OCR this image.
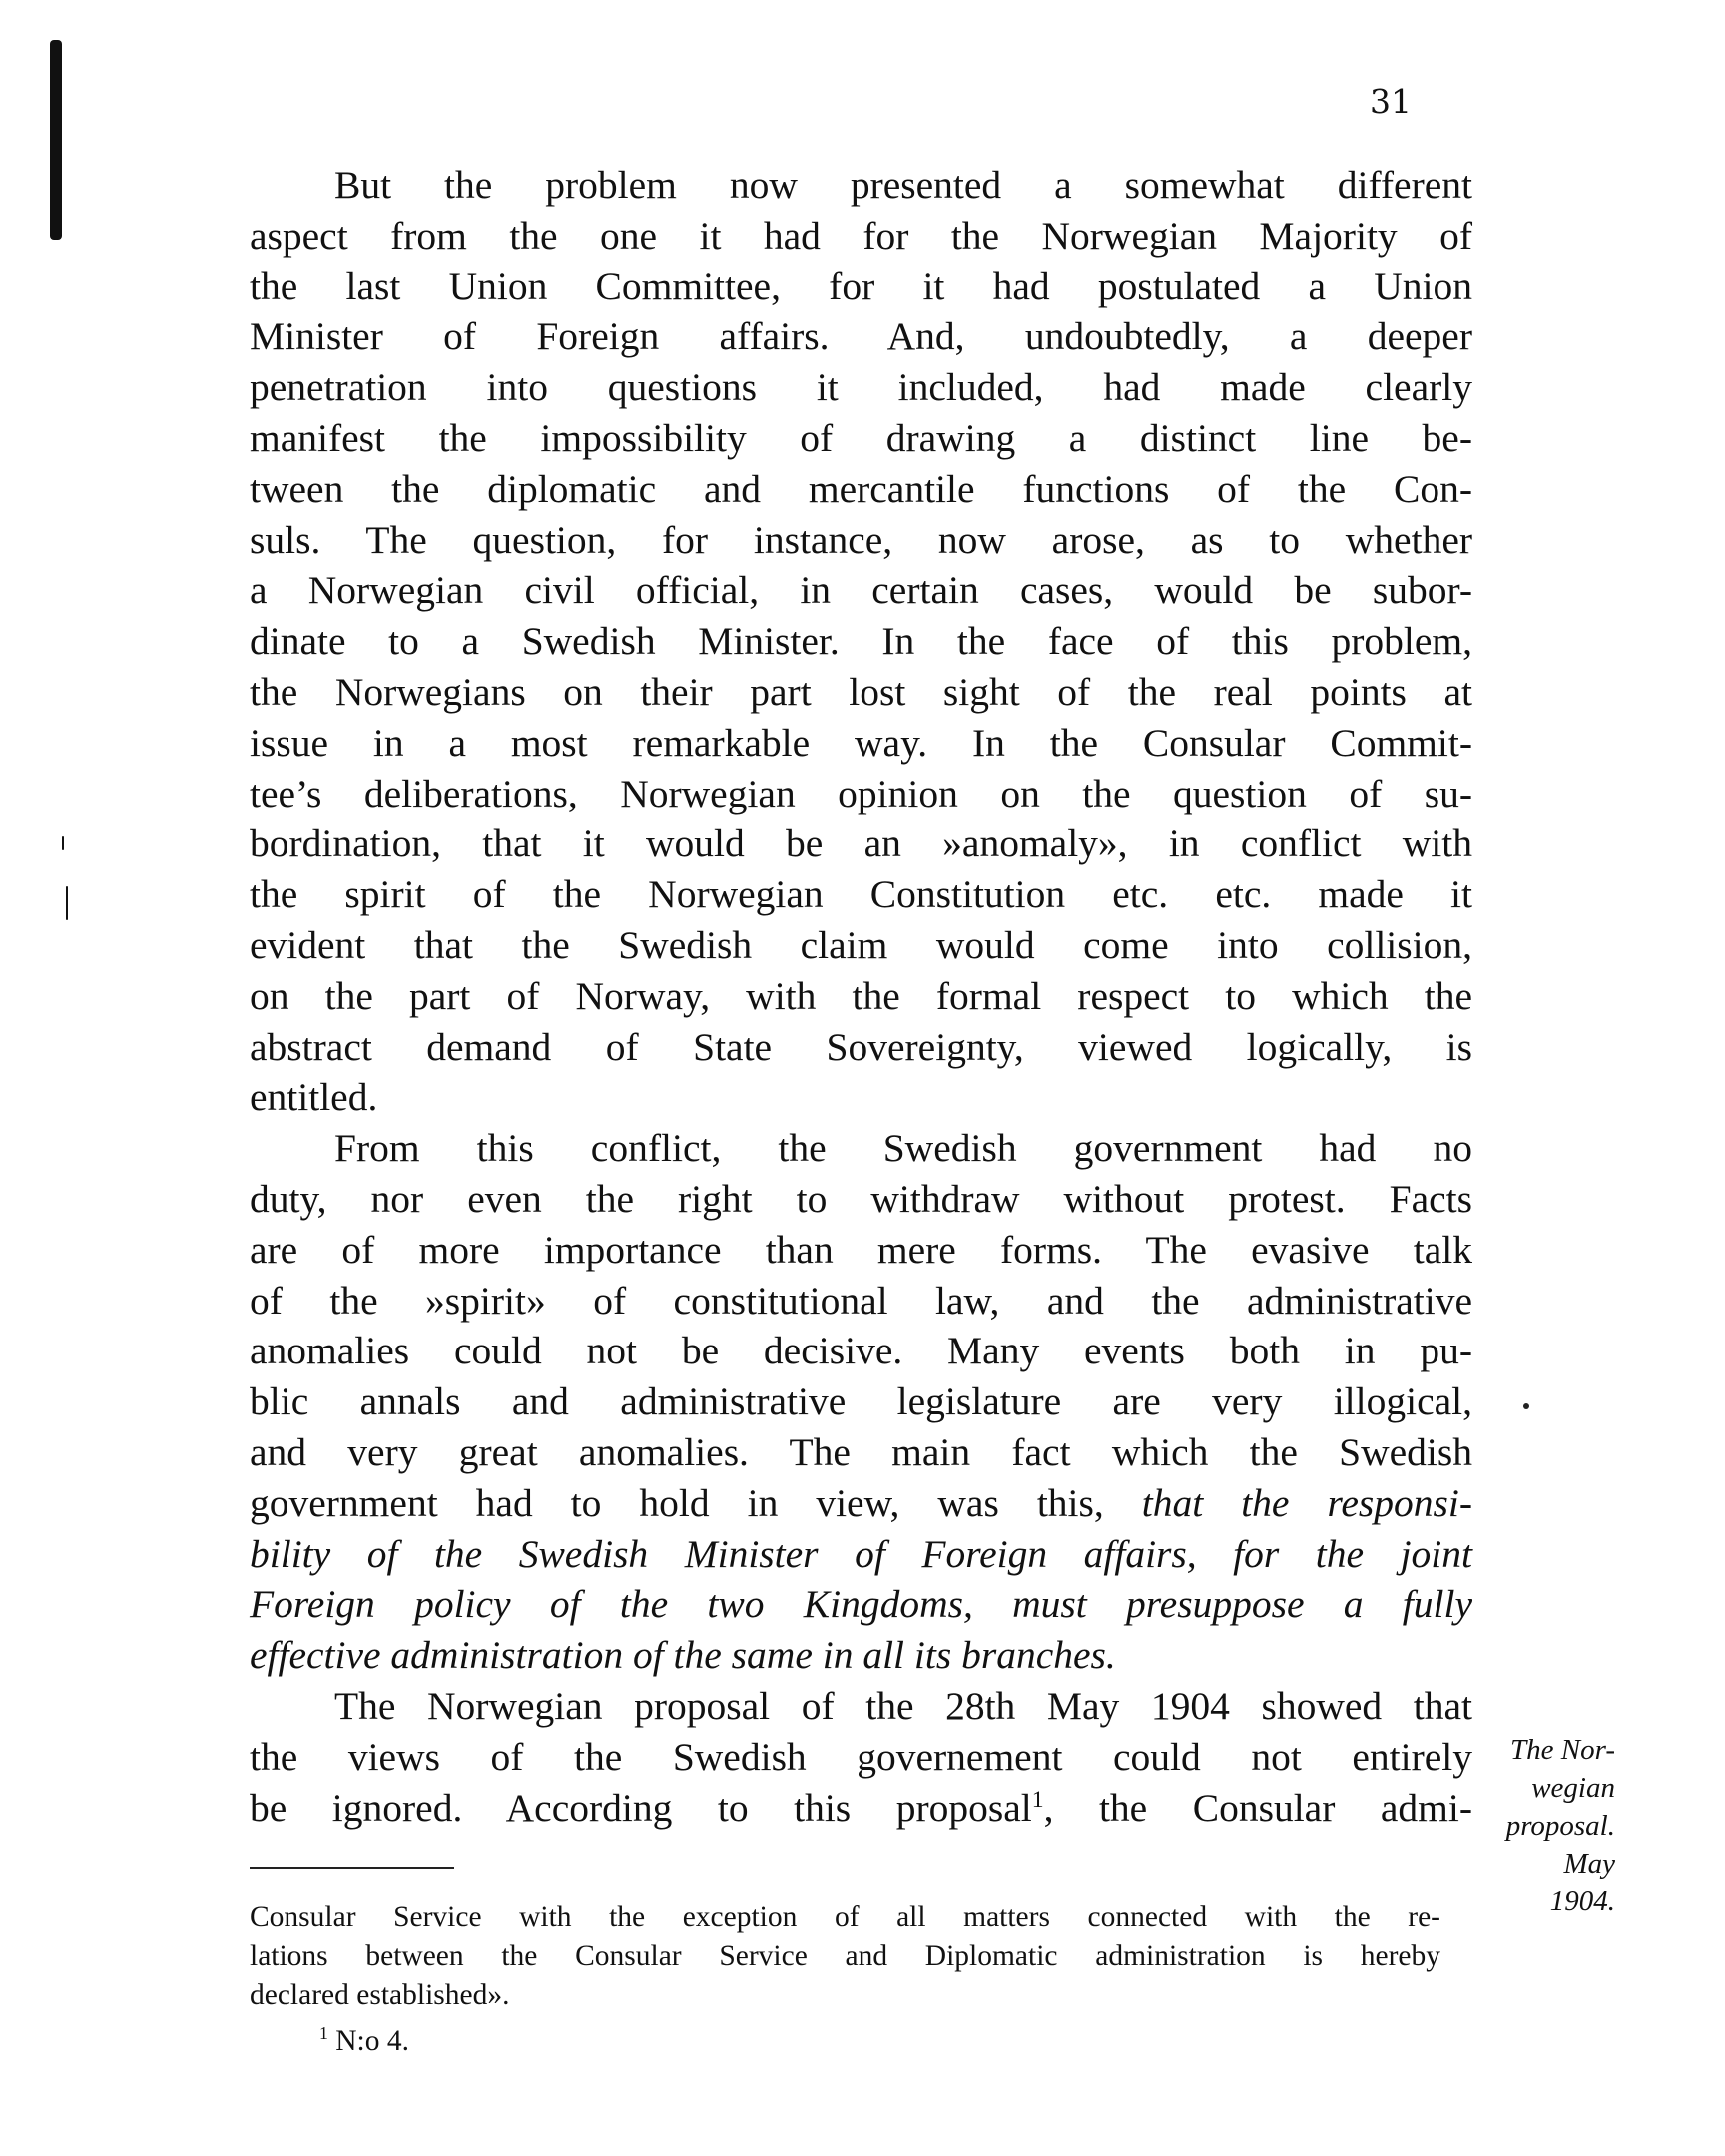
31
But the problem now presented a somewhat different
aspect from the one it had for the Norwegian Majority of
the last Union Committee, for it had postulated a Union
Minister of Foreign affairs. And, undoubtedly, a deeper
penetration into questions it included, had made clearly
manifest the impossibility of drawing a distinct line be-
tween the diplomatic and mercantile functions of the Con-
suls. The question, for instance, now arose, as to whether
a Norwegian civil official, in certain cases, would be subor-
dinate to a Swedish Minister. In the face of this problem,
the Norwegians on their part lost sight of the real points at
issue in a most remarkable way. In the Consular Commit-
tee’s deliberations, Norwegian opinion on the question of su-
bordination, that it would be an »anomaly», in conflict with
the spirit of the Norwegian Constitution etc. etc. made it
evident that the Swedish claim would come into collision,
on the part of Norway, with the formal respect to which the
abstract demand of State Sovereignty, viewed logically, is
entitled.
From this conflict, the Swedish government had no
duty, nor even the right to withdraw without protest. Facts
are of more importance than mere forms. The evasive talk
of the »spirit» of constitutional law, and the administrative
anomalies could not be decisive. Many events both in pu-
blic annals and administrative legislature are very illogical,
and very great anomalies. The main fact which the Swedish
government had to hold in view, was this, that the responsi-
bility of the Swedish Minister of Foreign affairs, for the joint
Foreign policy of the two Kingdoms, must presuppose a fully
effective administration of the same in all its branches.
The Norwegian proposal of the 28th May 1904 showed that
the views of the Swedish governement could not entirely
be ignored. According to this proposal$^1$, the Consular admi-
The Nor-
wegian
proposal.
May
1904.
Consular Service with the exception of all matters connected with the re-
lations between the Consular Service and Diplomatic administration is hereby
declared established».
$^1$ N:o 4.
